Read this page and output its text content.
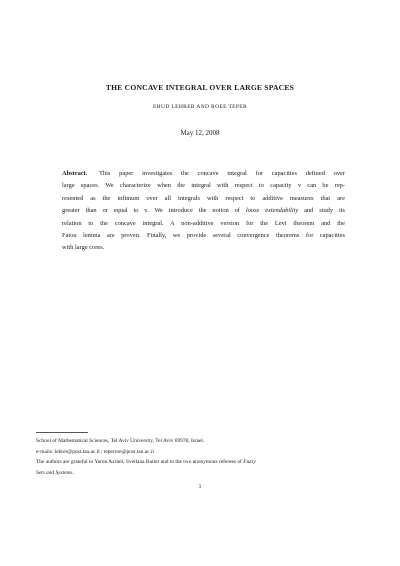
THE CONCAVE INTEGRAL OVER LARGE SPACES
EHUD LEHRER AND ROEE TEPER
May 12, 2008
Abstract. This paper investigates the concave integral for capacities defined over
large spaces. We characterize when the integral with respect to capacity v can be rep-
resented as the infimum over all integrals with respect to additive measures that are
greater than or equal to v. We introduce the notion of loose extendability and study its
relation to the concave integral. A non-additive version for the Levi theorem and the
Fatou lemma are proven. Finally, we provide several convergence theorems for capacities
with large cores.
School of Mathematical Sciences, Tel Aviv University, Tel Aviv 69978, Israel.
e-mails: lehrer@post.tau.ac.il ; teperroe@post.tau.ac.il
The authors are grateful to Yaron Azrieli, Svetlana Butler and to the two anonymous referees of Fuzzy
Sets and Systems.
1
